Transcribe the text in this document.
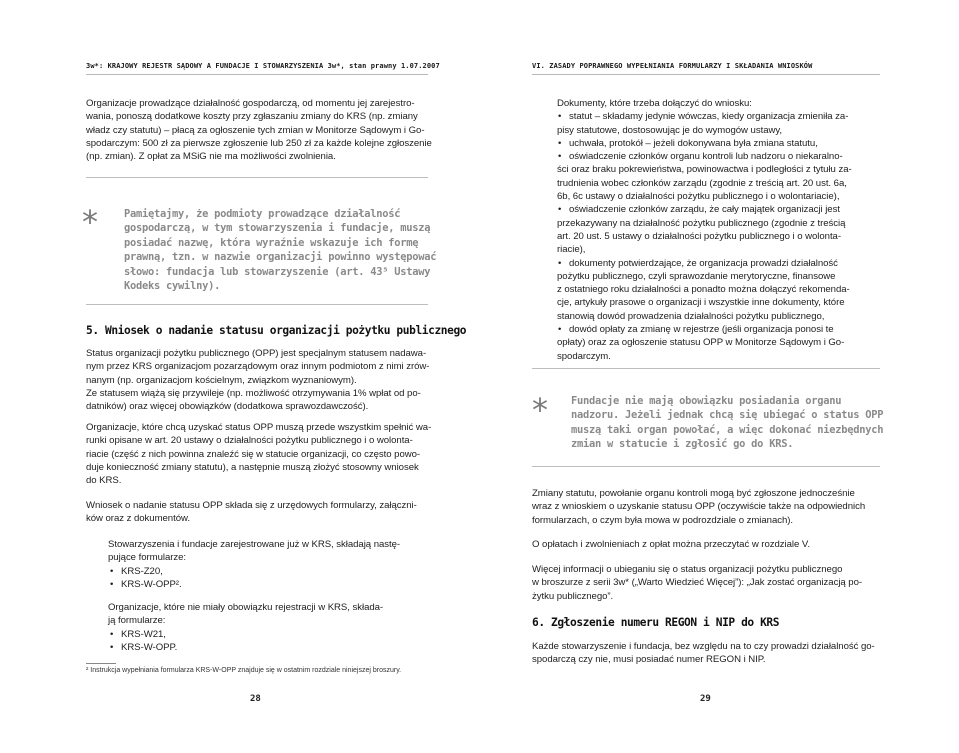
3w*: KRAJOWY REJESTR SĄDOWY A FUNDACJE I STOWARZYSZENIA 3w*, stan prawny 1.07.2007
Organizacje prowadzące działalność gospodarczą, od momentu jej zarejestro-
wania, ponoszą dodatkowe koszty przy zgłaszaniu zmiany do KRS (np. zmiany
władz czy statutu) – płacą za ogłoszenie tych zmian w Monitorze Sądowym i Go-
spodarczym: 500 zł za pierwsze zgłoszenie lub 250 zł za każde kolejne zgłoszenie
(np. zmian). Z opłat za MSiG nie ma możliwości zwolnienia.
*	Pamiętajmy, że podmioty prowadzące działalność
gospodarczą, w tym stowarzyszenia i fundacje, muszą
posiadać nazwę, która wyraźnie wskazuje ich formę
prawną, tzn. w nazwie organizacji powinno występować
słowo: fundacja lub stowarzyszenie (art. 43⁵ Ustawy
Kodeks cywilny).
5. Wniosek o nadanie statusu organizacji pożytku publicznego
Status organizacji pożytku publicznego (OPP) jest specjalnym statusem nadawa-
nym przez KRS organizacjom pozarządowym oraz innym podmiotom z nimi zrów-
nanym (np. organizacjom kościelnym, związkom wyznaniowym).
Ze statusem wiążą się przywileje (np. możliwość otrzymywania 1% wpłat od po-
datników) oraz więcej obowiązków (dodatkowa sprawozdawczość).
Organizacje, które chcą uzyskać status OPP muszą przede wszystkim spełnić wa-
runki opisane w art. 20 ustawy o działalności pożytku publicznego i o wolonta-
riacie (część z nich powinna znaleźć się w statucie organizacji, co często powo-
duje konieczność zmiany statutu), a następnie muszą złożyć stosowny wniosek
do KRS.
Wniosek o nadanie statusu OPP składa się z urzędowych formularzy, załączni-
ków oraz z dokumentów.
Stowarzyszenia i fundacje zarejestrowane już w KRS, składają nastę-
pujące formularze:
• KRS-Z20,
• KRS-W-OPP².
Organizacje, które nie miały obowiązku rejestracji w KRS, składa-
ją formularze:
• KRS-W21,
• KRS-W-OPP.
² Instrukcja wypełniania formularza KRS-W-OPP znajduje się w ostatnim rozdziale niniejszej broszury.
28
VI. ZASADY POPRAWNEGO WYPEŁNIANIA FORMULARZY I SKŁADANIA WNIOSKÓW
Dokumenty, które trzeba dołączyć do wniosku:
• statut – składamy jedynie wówczas, kiedy organizacja zmieniła za-
pisy statutowe, dostosowując je do wymogów ustawy,
• uchwała, protokół – jeżeli dokonywana była zmiana statutu,
• oświadczenie członków organu kontroli lub nadzoru o niekaralno-
ści oraz braku pokrewieństwa, powinowactwa i podległości z tytułu za-
trudnienia wobec członków zarządu (zgodnie z treścią art. 20 ust. 6a,
6b, 6c ustawy o działalności pożytku publicznego i o wolontariacie),
• oświadczenie członków zarządu, że cały majątek organizacji jest
przekazywany na działalność pożytku publicznego (zgodnie z treścią
art. 20 ust. 5 ustawy o działalności pożytku publicznego i o wolonta-
riacie),
• dokumenty potwierdzające, że organizacja prowadzi działalność
pożytku publicznego, czyli sprawozdanie merytoryczne, finansowe
z ostatniego roku działalności a ponadto można dołączyć rekomenda-
cje, artykuły prasowe o organizacji i wszystkie inne dokumenty, które
stanowią dowód prowadzenia działalności pożytku publicznego,
• dowód opłaty za zmianę w rejestrze (jeśli organizacja ponosi te
opłaty) oraz za ogłoszenie statusu OPP w Monitorze Sądowym i Go-
spodarczym.
* Fundacje nie mają obowiązku posiadania organu
nadzoru. Jeżeli jednak chcą się ubiegać o status OPP
muszą taki organ powołać, a więc dokonać niezbędnych
zmian w statucie i zgłosić go do KRS.
Zmiany statutu, powołanie organu kontroli mogą być zgłoszone jednocześnie
wraz z wnioskiem o uzyskanie statusu OPP (oczywiście także na odpowiednich
formularzach, o czym była mowa w podrozdziale o zmianach).
O opłatach i zwolnieniach z opłat można przeczytać w rozdziale V.
Więcej informacji o ubieganiu się o status organizacji pożytku publicznego
w broszurze z serii 3w* („Warto Wiedzieć Więcej”): „Jak zostać organizacją po-
żytku publicznego”.
6. Zgłoszenie numeru REGON i NIP do KRS
Każde stowarzyszenie i fundacja, bez względu na to czy prowadzi działalność go-
spodarczą czy nie, musi posiadać numer REGON i NIP.
29
